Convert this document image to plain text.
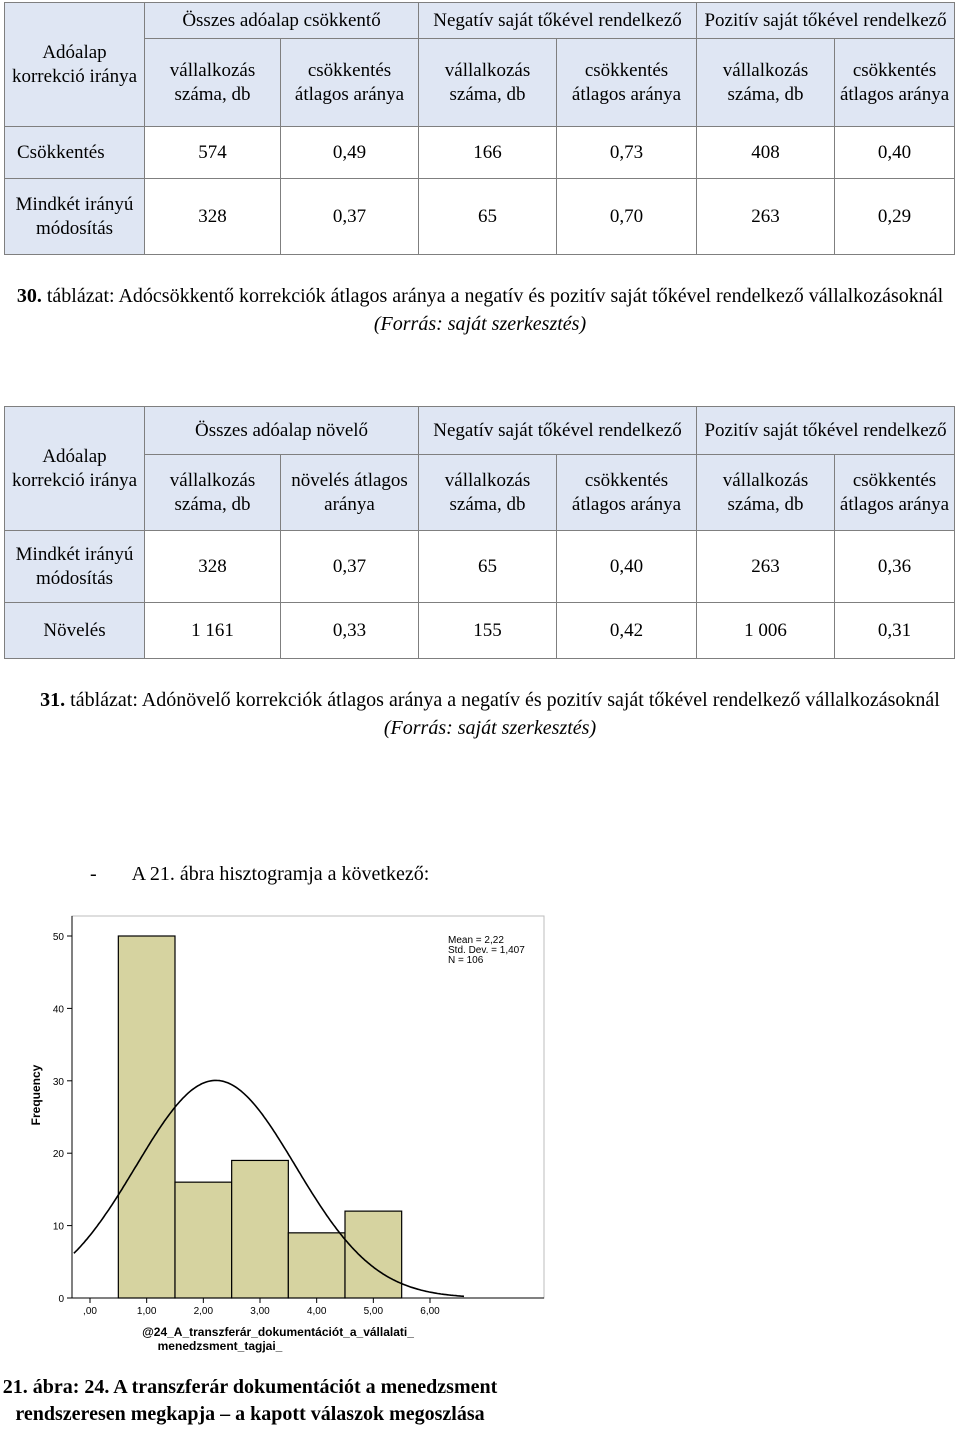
Adóalap korrekció iránya	Összes adóalap csökkentő		Negatív saját tőkével rendelkező		Pozitív saját tőkével rendelkező	
	vállalkozás száma, db	csökkentés átlagos aránya	vállalkozás száma, db	csökkentés átlagos aránya	vállalkozás száma, db	csökkentés átlagos aránya
Csökkentés	574	0,49	166	0,73	408	0,40
Mindkét irányú módosítás	328	0,37	65	0,70	263	0,29
30. táblázat: Adócsökkentő korrekciók átlagos aránya a negatív és pozitív saját tőkével rendelkező vállalkozásoknál (Forrás: saját szerkesztés)
Adóalap korrekció iránya	Összes adóalap növelő		Negatív saját tőkével rendelkező		Pozitív saját tőkével rendelkező	
	vállalkozás száma, db	növelés átlagos aránya	vállalkozás száma, db	csökkentés átlagos aránya	vállalkozás száma, db	csökkentés átlagos aránya
Mindkét irányú módosítás	328	0,37	65	0,40	263	0,36
Növelés	1 161	0,33	155	0,42	1 006	0,31
31. táblázat: Adónövelő korrekciók átlagos aránya a negatív és pozitív saját tőkével rendelkező vállalkozásoknál (Forrás: saját szerkesztés)
- A 21. ábra hisztogramja a következő:
0
10
20
30
40
50
,00	1,00	2,00	3,00	4,00	5,00	6,00
Mean = 2,22
Std. Dev. = 1,407
N = 106
Frequency
@24_A_transzferár_dokumentációt_a_vállalati_
menedzsment_tagjai_
21. ábra: 24. A transzferár dokumentációt a menedzsment rendszeresen megkapja – a kapott válaszok megoszlása
